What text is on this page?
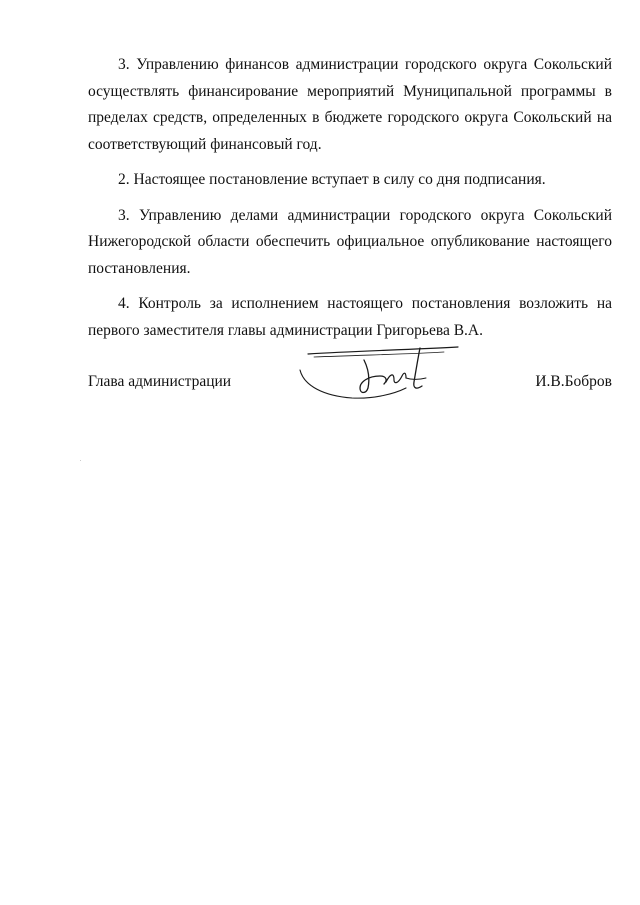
3. Управлению финансов администрации городского округа Сокольский осуществлять финансирование мероприятий Муниципальной программы в пределах средств, определенных в бюджете городского округа Сокольский на соответствующий финансовый год.

2. Настоящее постановление вступает в силу со дня подписания.

3. Управлению делами администрации городского округа Сокольский Нижегородской области обеспечить официальное опубликование настоящего постановления.

4. Контроль за исполнением настоящего постановления возложить на первого заместителя главы администрации Григорьева В.А.

Глава администрации	И.В.Бобров
